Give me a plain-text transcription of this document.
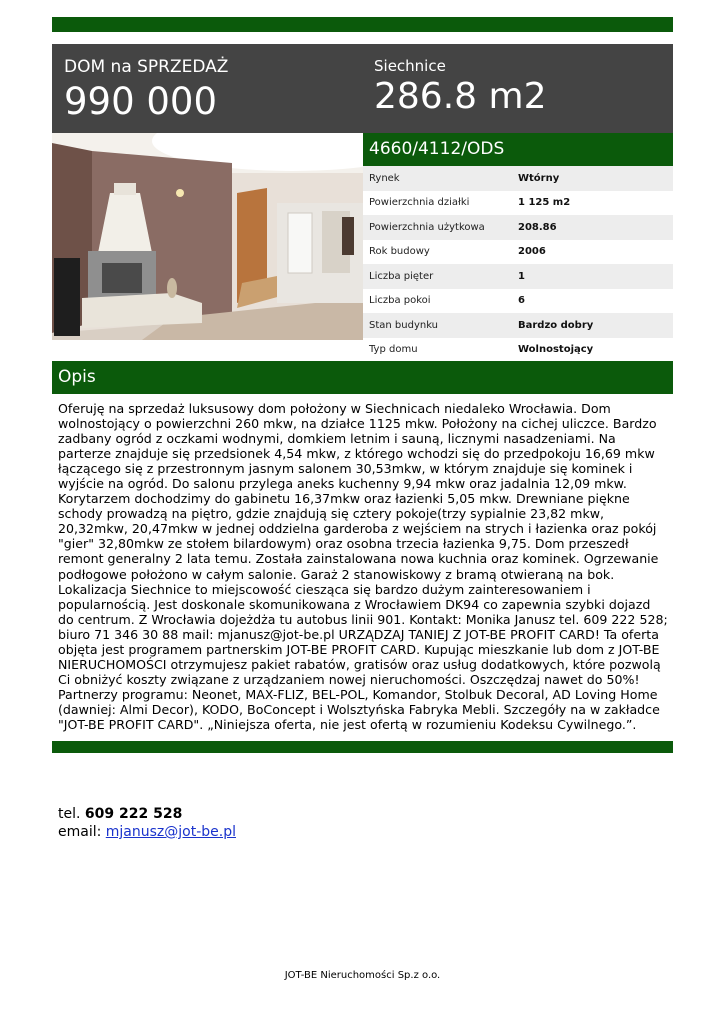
DOM na SPRZEDAŻ
990 000
Siechnice
286.8 m2
4660/4112/ODS
Rynek	Wtórny
Powierzchnia działki	1 125 m2
Powierzchnia użytkowa	208.86
Rok budowy	2006
Liczba pięter	1
Liczba pokoi	6
Stan budynku	Bardzo dobry
Typ domu	Wolnostojący
Opis
Oferuję na sprzedaż luksusowy dom położony w Siechnicach niedaleko Wrocławia. Dom wolnostojący o powierzchni 260 mkw, na działce 1125 mkw. Położony na cichej uliczce. Bardzo zadbany ogród z oczkami wodnymi, domkiem letnim i sauną, licznymi nasadzeniami. Na parterze znajduje się przedsionek 4,54 mkw, z którego wchodzi się do przedpokoju 16,69 mkw łączącego się z przestronnym jasnym salonem 30,53mkw, w którym znajduje się kominek i wyjście na ogród. Do salonu przylega aneks kuchenny 9,94 mkw oraz jadalnia 12,09 mkw. Korytarzem dochodzimy do gabinetu 16,37mkw oraz łazienki 5,05 mkw. Drewniane piękne schody prowadzą na piętro, gdzie znajdują się cztery pokoje(trzy sypialnie 23,82 mkw, 20,32mkw, 20,47mkw w jednej oddzielna garderoba z wejściem na strych i łazienka oraz pokój "gier" 32,80mkw ze stołem bilardowym) oraz osobna trzecia łazienka 9,75. Dom przeszedł remont generalny 2 lata temu. Została zainstalowana nowa kuchnia oraz kominek. Ogrzewanie podłogowe położono w całym salonie. Garaż 2 stanowiskowy z bramą otwieraną na bok. Lokalizacja Siechnice to miejscowość ciesząca się bardzo dużym zainteresowaniem i popularnością. Jest doskonale skomunikowana z Wrocławiem DK94 co zapewnia szybki dojazd do centrum. Z Wrocławia dojeżdża tu autobus linii 901. Kontakt: Monika Janusz tel. 609 222 528; biuro 71 346 30 88 mail: mjanusz@jot-be.pl URZĄDZAJ TANIEJ Z JOT-BE PROFIT CARD! Ta oferta objęta jest programem partnerskim JOT-BE PROFIT CARD. Kupując mieszkanie lub dom z JOT-BE NIERUCHOMOŚCI otrzymujesz pakiet rabatów, gratisów oraz usług dodatkowych, które pozwolą Ci obniżyć koszty związane z urządzaniem nowej nieruchomości. Oszczędzaj nawet do 50%! Partnerzy programu: Neonet, MAX-FLIZ, BEL-POL, Komandor, Stolbuk Decoral, AD Loving Home (dawniej: Almi Decor), KODO, BoConcept i Wolsztyńska Fabryka Mebli. Szczegóły na w zakładce "JOT-BE PROFIT CARD". „Niniejsza oferta, nie jest ofertą w rozumieniu Kodeksu Cywilnego.”.
tel. 609 222 528
email: mjanusz@jot-be.pl
JOT-BE Nieruchomości Sp.z o.o.
